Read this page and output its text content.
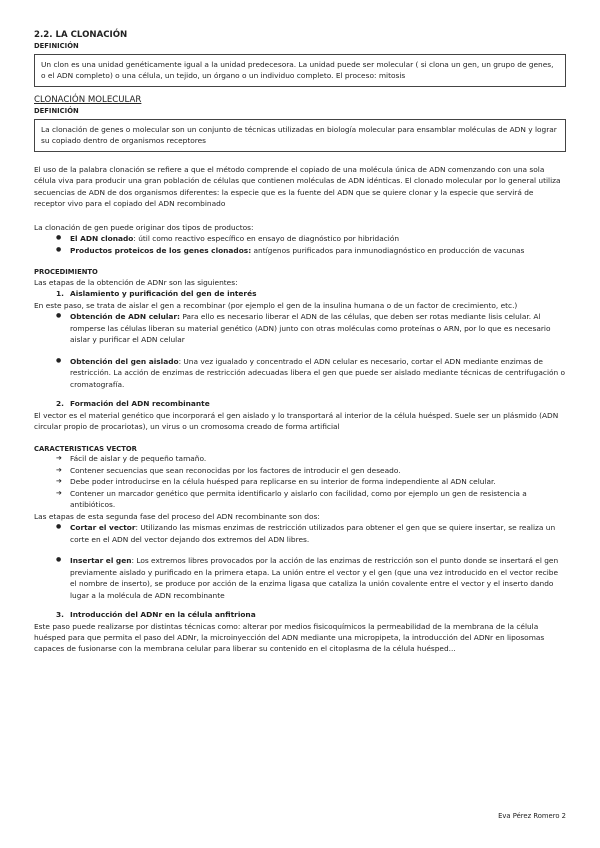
2.2. LA CLONACIÓN

DEFINICIÓN

Un clon es una unidad genéticamente igual a la unidad predecesora. La unidad puede ser molecular ( si clona un gen, un grupo de genes, o el ADN completo) o una célula, un tejido, un órgano o un individuo completo. El proceso: mitosis

CLONACIÓN MOLECULAR

DEFINICIÓN

La clonación de genes o molecular son un conjunto de técnicas utilizadas en biología molecular para ensamblar moléculas de ADN y lograr su copiado dentro de organismos receptores

El uso de la palabra clonación se refiere a que el método comprende el copiado de una molécula única de ADN comenzando con una sola célula viva para producir una gran población de células que contienen moléculas de ADN idénticas. El clonado molecular por lo general utiliza secuencias de ADN de dos organismos diferentes: la especie que es la fuente del ADN que se quiere clonar y la especie que servirá de receptor vivo para el copiado del ADN recombinado

La clonación de gen puede originar dos tipos de productos:

● El ADN clonado: útil como reactivo específico en ensayo de diagnóstico por hibridación
● Productos proteicos de los genes clonados: antígenos purificados para inmunodiagnóstico en producción de vacunas

PROCEDIMIENTO

Las etapas de la obtención de ADNr son las siguientes:

1. Aislamiento y purificación del gen de interés

En este paso, se trata de aislar el gen a recombinar (por ejemplo el gen de la insulina humana o de un factor de crecimiento, etc.)

● Obtención de ADN celular: Para ello es necesario liberar el ADN de las células, que deben ser rotas mediante lisis celular. Al romperse las células liberan su material genético (ADN) junto con otras moléculas como proteínas o ARN, por lo que es necesario aislar y purificar el ADN celular
● Obtención del gen aislado: Una vez igualado y concentrado el ADN celular es necesario, cortar el ADN mediante enzimas de restricción. La acción de enzimas de restricción adecuadas libera el gen que puede ser aislado mediante técnicas de centrifugación o cromatografía.

2. Formación del ADN recombinante

El vector es el material genético que incorporará el gen aislado y lo transportará al interior de la célula huésped. Suele ser un plásmido (ADN circular propio de procariotas), un virus o un cromosoma creado de forma artificial

CARACTERISTICAS VECTOR

➔ Fácil de aislar y de pequeño tamaño.
➔ Contener secuencias que sean reconocidas por los factores de introducir el gen deseado.
➔ Debe poder introducirse en la célula huésped para replicarse en su interior de forma independiente al ADN celular.
➔ Contener un marcador genético que permita identificarlo y aislarlo con facilidad, como por ejemplo un gen de resistencia a antibióticos.

Las etapas de esta segunda fase del proceso del ADN recombinante son dos:

● Cortar el vector: Utilizando las mismas enzimas de restricción utilizados para obtener el gen que se quiere insertar, se realiza un corte en el ADN del vector dejando dos extremos del ADN libres.
● Insertar el gen: Los extremos libres provocados por la acción de las enzimas de restricción son el punto donde se insertará el gen previamente aislado y purificado en la primera etapa. La unión entre el vector y el gen (que una vez introducido en el vector recibe el nombre de inserto), se produce por acción de la enzima ligasa que cataliza la unión covalente entre el vector y el inserto dando lugar a la molécula de ADN recombinante

3. Introducción del ADNr en la célula anfitriona

Este paso puede realizarse por distintas técnicas como: alterar por medios fisicoquímicos la permeabilidad de la membrana de la célula huésped para que permita el paso del ADNr, la microinyección del ADN mediante una micropipeta, la introducción del ADNr en liposomas capaces de fusionarse con la membrana celular para liberar su contenido en el citoplasma de la célula huésped...

Eva Pérez Romero 2
